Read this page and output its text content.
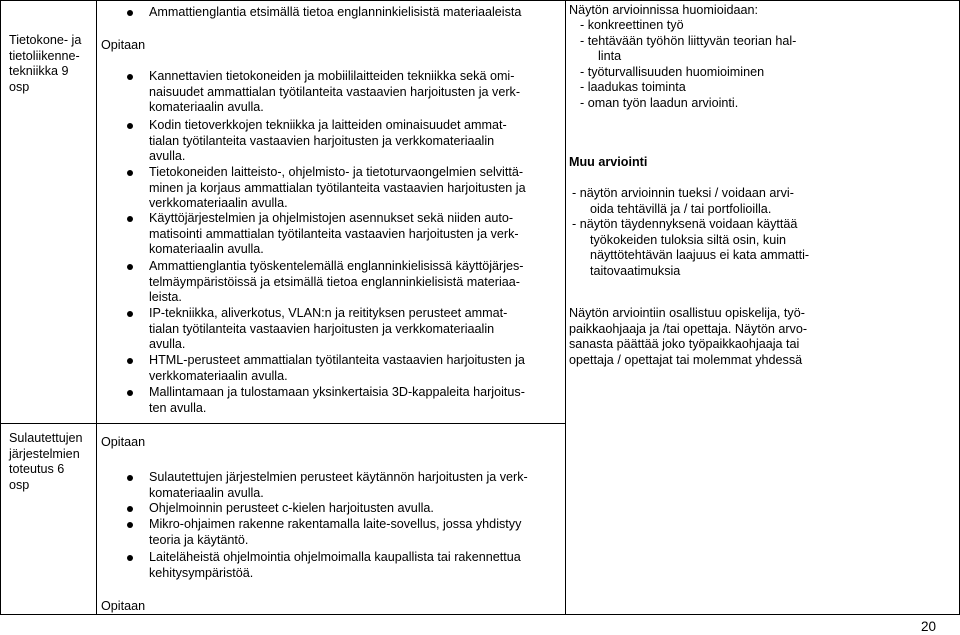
Tietokone- ja
tietoliikenne-
tekniikka 9
osp
Ammattienglantia etsimällä tietoa englanninkielisistä materiaaleista
Opitaan
Kannettavien tietokoneiden ja mobiililaitteiden tekniikka sekä omi-
naisuudet ammattialan työtilanteita vastaavien harjoitusten ja verk-
komateriaalin avulla.
Kodin tietoverkkojen tekniikka ja laitteiden ominaisuudet ammat-
tialan työtilanteita vastaavien harjoitusten ja verkkomateriaalin
avulla.
Tietokoneiden laitteisto-, ohjelmisto- ja tietoturvaongelmien selvittä-
minen ja korjaus ammattialan työtilanteita vastaavien harjoitusten ja
verkkomateriaalin avulla.
Käyttöjärjestelmien ja ohjelmistojen asennukset sekä niiden auto-
matisointi ammattialan työtilanteita vastaavien harjoitusten ja verk-
komateriaalin avulla.
Ammattienglantia työskentelemällä englanninkielisissä käyttöjärjes-
telmäympäristöissä ja etsimällä tietoa englanninkielisistä materiaa-
leista.
IP-tekniikka, aliverkotus, VLAN:n ja reitityksen perusteet ammat-
tialan työtilanteita vastaavien harjoitusten ja verkkomateriaalin
avulla.
HTML-perusteet ammattialan työtilanteita vastaavien harjoitusten ja
verkkomateriaalin avulla.
Mallintamaan ja tulostamaan yksinkertaisia 3D-kappaleita harjoitus-
ten avulla.
Sulautettujen
järjestelmien
toteutus 6
osp
Opitaan
Sulautettujen järjestelmien perusteet käytännön harjoitusten ja verk-
komateriaalin avulla.
Ohjelmoinnin perusteet c-kielen harjoitusten avulla.
Mikro-ohjaimen rakenne rakentamalla laite-sovellus, jossa yhdistyy
teoria ja käytäntö.
Laiteläheistä ohjelmointia ohjelmoimalla kaupallista tai rakennettua
kehitysympäristöä.
Opitaan
Näytön arvioinnissa huomioidaan:
- konkreettinen työ
- tehtävään työhön liittyvän teorian hal-
linta
- työturvallisuuden huomioiminen
- laadukas toiminta
- oman työn laadun arviointi.
Muu arviointi
- näytön arvioinnin tueksi / voidaan arvi-
oida tehtävillä ja / tai portfolioilla.
- näytön täydennyksenä voidaan käyttää
työkokeiden tuloksia siltä osin, kuin
näyttötehtävän laajuus ei kata ammatti-
taitovaatimuksia
Näytön arviointiin osallistuu opiskelija, työ-
paikkaohjaaja ja /tai opettaja. Näytön arvo-
sanasta päättää joko työpaikkaohjaaja tai
opettaja / opettajat tai molemmat yhdessä
20
